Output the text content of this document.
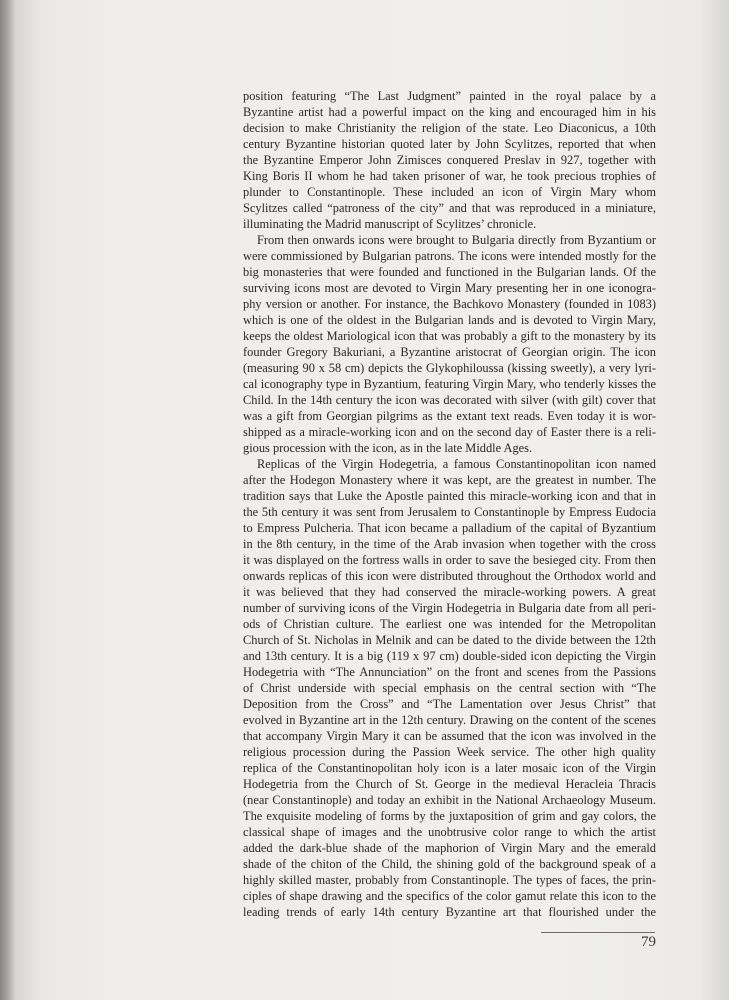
position featuring “The Last Judgment” painted in the royal palace by a
Byzantine artist had a powerful impact on the king and encouraged him in his
decision to make Christianity the religion of the state. Leo Diaconicus, a 10th
century Byzantine historian quoted later by John Scylitzes, reported that when
the Byzantine Emperor John Zimisces conquered Preslav in 927, together with
King Boris II whom he had taken prisoner of war, he took precious trophies of
plunder to Constantinople. These included an icon of Virgin Mary whom
Scylitzes called “patroness of the city” and that was reproduced in a miniature,
illuminating the Madrid manuscript of Scylitzes’ chronicle.
From then onwards icons were brought to Bulgaria directly from Byzantium or
were commissioned by Bulgarian patrons. The icons were intended mostly for the
big monasteries that were founded and functioned in the Bulgarian lands. Of the
surviving icons most are devoted to Virgin Mary presenting her in one iconogra-
phy version or another. For instance, the Bachkovo Monastery (founded in 1083)
which is one of the oldest in the Bulgarian lands and is devoted to Virgin Mary,
keeps the oldest Mariological icon that was probably a gift to the monastery by its
founder Gregory Bakuriani, a Byzantine aristocrat of Georgian origin. The icon
(measuring 90 x 58 cm) depicts the Glykophiloussa (kissing sweetly), a very lyri-
cal iconography type in Byzantium, featuring Virgin Mary, who tenderly kisses the
Child. In the 14th century the icon was decorated with silver (with gilt) cover that
was a gift from Georgian pilgrims as the extant text reads. Even today it is wor-
shipped as a miracle-working icon and on the second day of Easter there is a reli-
gious procession with the icon, as in the late Middle Ages.
Replicas of the Virgin Hodegetria, a famous Constantinopolitan icon named
after the Hodegon Monastery where it was kept, are the greatest in number. The
tradition says that Luke the Apostle painted this miracle-working icon and that in
the 5th century it was sent from Jerusalem to Constantinople by Empress Eudocia
to Empress Pulcheria. That icon became a palladium of the capital of Byzantium
in the 8th century, in the time of the Arab invasion when together with the cross
it was displayed on the fortress walls in order to save the besieged city. From then
onwards replicas of this icon were distributed throughout the Orthodox world and
it was believed that they had conserved the miracle-working powers. A great
number of surviving icons of the Virgin Hodegetria in Bulgaria date from all peri-
ods of Christian culture. The earliest one was intended for the Metropolitan
Church of St. Nicholas in Melnik and can be dated to the divide between the 12th
and 13th century. It is a big (119 x 97 cm) double-sided icon depicting the Virgin
Hodegetria with “The Annunciation” on the front and scenes from the Passions
of Christ underside with special emphasis on the central section with “The
Deposition from the Cross” and “The Lamentation over Jesus Christ” that
evolved in Byzantine art in the 12th century. Drawing on the content of the scenes
that accompany Virgin Mary it can be assumed that the icon was involved in the
religious procession during the Passion Week service. The other high quality
replica of the Constantinopolitan holy icon is a later mosaic icon of the Virgin
Hodegetria from the Church of St. George in the medieval Heracleia Thracis
(near Constantinople) and today an exhibit in the National Archaeology Museum.
The exquisite modeling of forms by the juxtaposition of grim and gay colors, the
classical shape of images and the unobtrusive color range to which the artist
added the dark-blue shade of the maphorion of Virgin Mary and the emerald
shade of the chiton of the Child, the shining gold of the background speak of a
highly skilled master, probably from Constantinople. The types of faces, the prin-
ciples of shape drawing and the specifics of the color gamut relate this icon to the
leading trends of early 14th century Byzantine art that flourished under the
79
